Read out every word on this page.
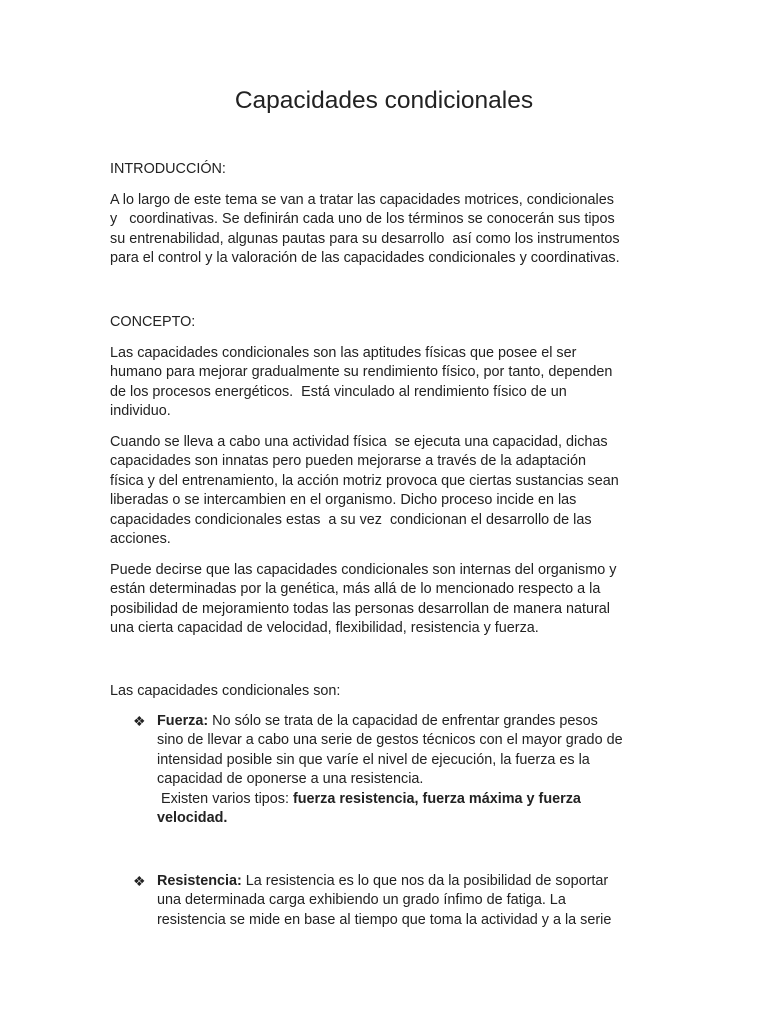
Capacidades condicionales
INTRODUCCIÓN:
A lo largo de este tema se van a tratar las capacidades motrices, condicionales
y   coordinativas. Se definirán cada uno de los términos se conocerán sus tipos
su entrenabilidad, algunas pautas para su desarrollo  así como los instrumentos
para el control y la valoración de las capacidades condicionales y coordinativas.
CONCEPTO:
Las capacidades condicionales son las aptitudes físicas que posee el ser
humano para mejorar gradualmente su rendimiento físico, por tanto, dependen
de los procesos energéticos.  Está vinculado al rendimiento físico de un
individuo.
Cuando se lleva a cabo una actividad física  se ejecuta una capacidad, dichas
capacidades son innatas pero pueden mejorarse a través de la adaptación
física y del entrenamiento, la acción motriz provoca que ciertas sustancias sean
liberadas o se intercambien en el organismo. Dicho proceso incide en las
capacidades condicionales estas  a su vez  condicionan el desarrollo de las
acciones.
Puede decirse que las capacidades condicionales son internas del organismo y
están determinadas por la genética, más allá de lo mencionado respecto a la
posibilidad de mejoramiento todas las personas desarrollan de manera natural
una cierta capacidad de velocidad, flexibilidad, resistencia y fuerza.
Las capacidades condicionales son:
❖ Fuerza: No sólo se trata de la capacidad de enfrentar grandes pesos
sino de llevar a cabo una serie de gestos técnicos con el mayor grado de
intensidad posible sin que varíe el nivel de ejecución, la fuerza es la
capacidad de oponerse a una resistencia.
Existen varios tipos: fuerza resistencia, fuerza máxima y fuerza
velocidad.
❖ Resistencia: La resistencia es lo que nos da la posibilidad de soportar
una determinada carga exhibiendo un grado ínfimo de fatiga. La
resistencia se mide en base al tiempo que toma la actividad y a la serie
